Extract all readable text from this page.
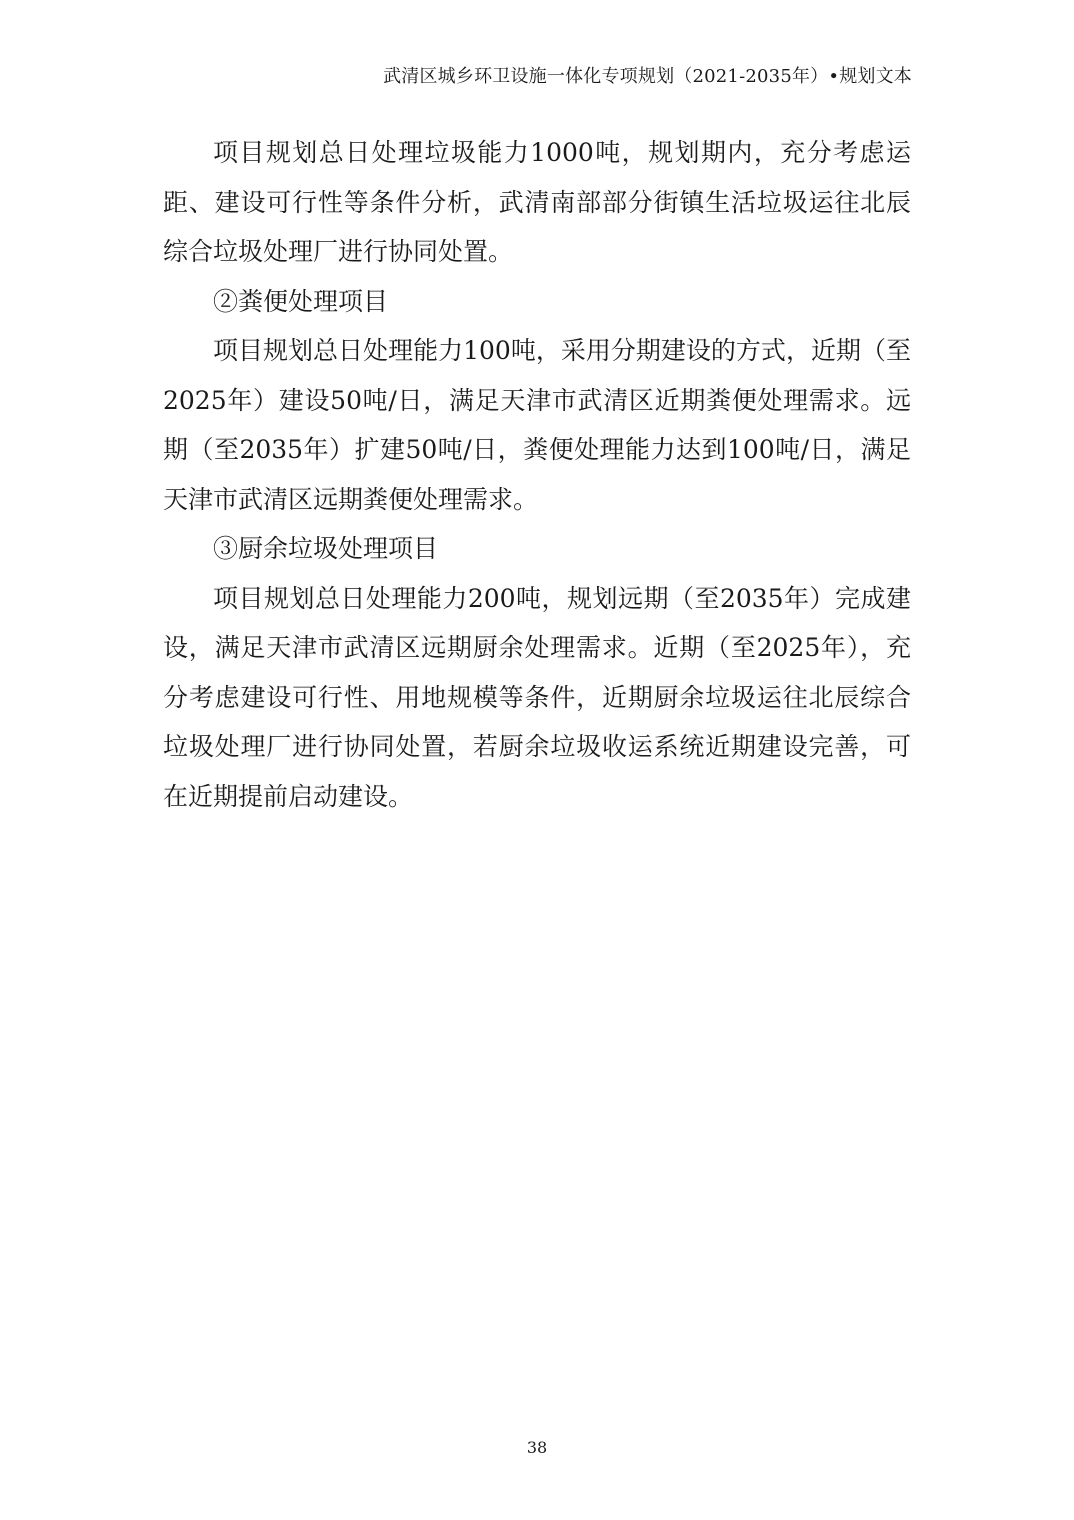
武清区城乡环卫设施一体化专项规划（2021-2035年）•规划文本

项目规划总日处理垃圾能力1000吨，规划期内，充分考虑运距、建设可行性等条件分析，武清南部部分街镇生活垃圾运往北辰综合垃圾处理厂进行协同处置。

②粪便处理项目

项目规划总日处理能力100吨，采用分期建设的方式，近期（至2025年）建设50吨/日，满足天津市武清区近期粪便处理需求。远期（至2035年）扩建50吨/日，粪便处理能力达到100吨/日，满足天津市武清区远期粪便处理需求。

③厨余垃圾处理项目

项目规划总日处理能力200吨，规划远期（至2035年）完成建设，满足天津市武清区远期厨余处理需求。近期（至2025年），充分考虑建设可行性、用地规模等条件，近期厨余垃圾运往北辰综合垃圾处理厂进行协同处置，若厨余垃圾收运系统近期建设完善，可在近期提前启动建设。

38
